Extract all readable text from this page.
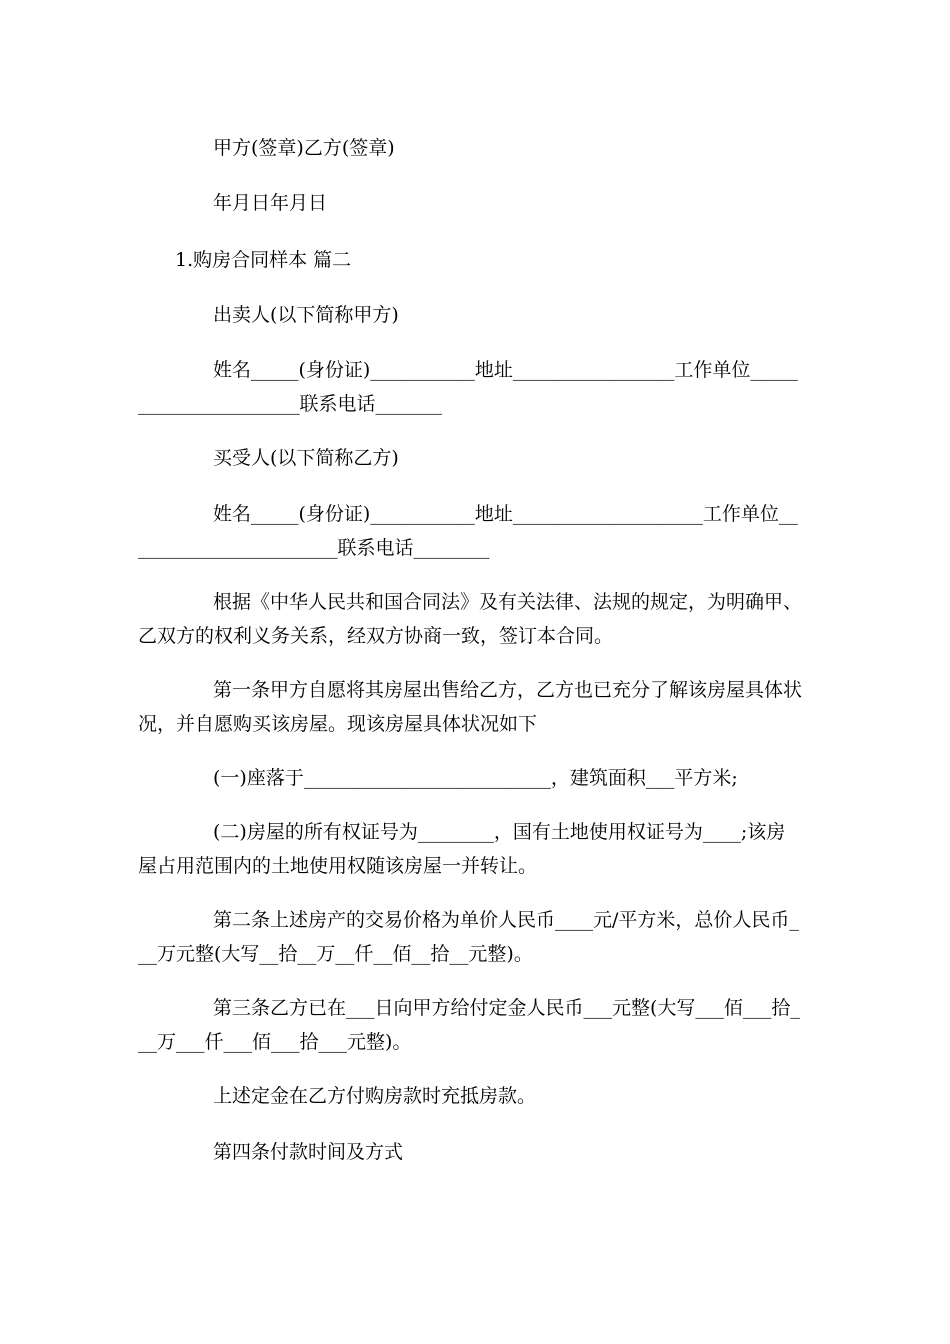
甲方(签章)乙方(签章)
年月日年月日
1.购房合同样本 篇二
出卖人(以下简称甲方)
姓名_____(身份证)___________地址_________________工作单位_____
_________________联系电话_______
买受人(以下简称乙方)
姓名_____(身份证)___________地址____________________工作单位__
_____________________联系电话________
根据《中华人民共和国合同法》及有关法律、法规的规定，为明确甲、
乙双方的权利义务关系，经双方协商一致，签订本合同。
第一条甲方自愿将其房屋出售给乙方，乙方也已充分了解该房屋具体状
况，并自愿购买该房屋。现该房屋具体状况如下
(一)座落于__________________________，建筑面积___平方米;
(二)房屋的所有权证号为________，国有土地使用权证号为____;该房
屋占用范围内的土地使用权随该房屋一并转让。
第二条上述房产的交易价格为单价人民币____元/平方米，总价人民币_
__万元整(大写__拾__万__仟__佰__拾__元整)。
第三条乙方已在___日向甲方给付定金人民币___元整(大写___佰___拾_
__万___仟___佰___拾___元整)。
上述定金在乙方付购房款时充抵房款。
第四条付款时间及方式
